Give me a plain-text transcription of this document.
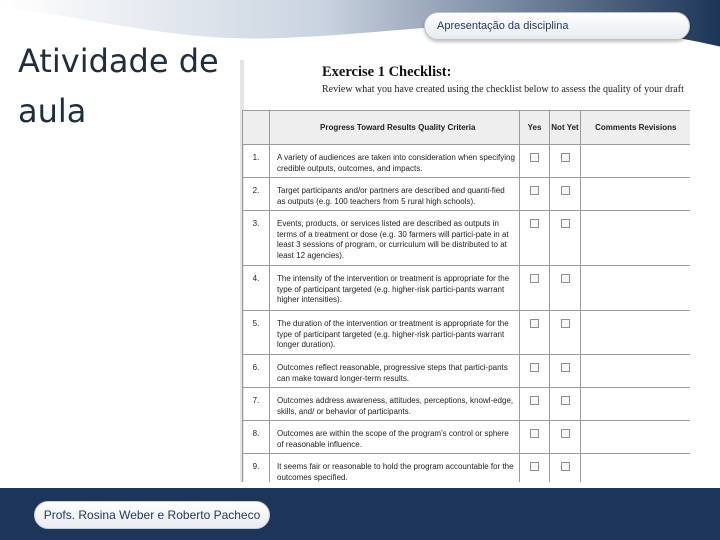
Apresentação da disciplina
Atividade de aula
Exercise 1 Checklist:
Review what you have created using the checklist below to assess the quality of your draft
	Progress Toward Results Quality Criteria	Yes	Not Yet	Comments Revisions
1.	A variety of audiences are taken into consideration when specifying credible outputs, outcomes, and impacts.			
2.	Target participants and/or partners are described and quanti-fied as outputs (e.g. 100 teachers from 5 rural high schools).			
3.	Events, products, or services listed are described as outputs in terms of a treatment or dose (e.g. 30 farmers will partici-pate in at least 3 sessions of program, or curriculum will be distributed to at least 12 agencies).			
4.	The intensity of the intervention or treatment is appropriate for the type of participant targeted (e.g. higher-risk partici-pants warrant higher intensities).			
5.	The duration of the intervention or treatment is appropriate for the type of participant targeted (e.g. higher-risk partici-pants warrant longer duration).			
6.	Outcomes reflect reasonable, progressive steps that partici-pants can make toward longer-term results.			
7.	Outcomes address awareness, attitudes, perceptions, knowl-edge, skills, and/ or behavior of participants.			
8.	Outcomes are within the scope of the program's control or sphere of reasonable influence.			
9.	It seems fair or reasonable to hold the program accountable for the outcomes specified.			
Profs. Rosina Weber e Roberto Pacheco
